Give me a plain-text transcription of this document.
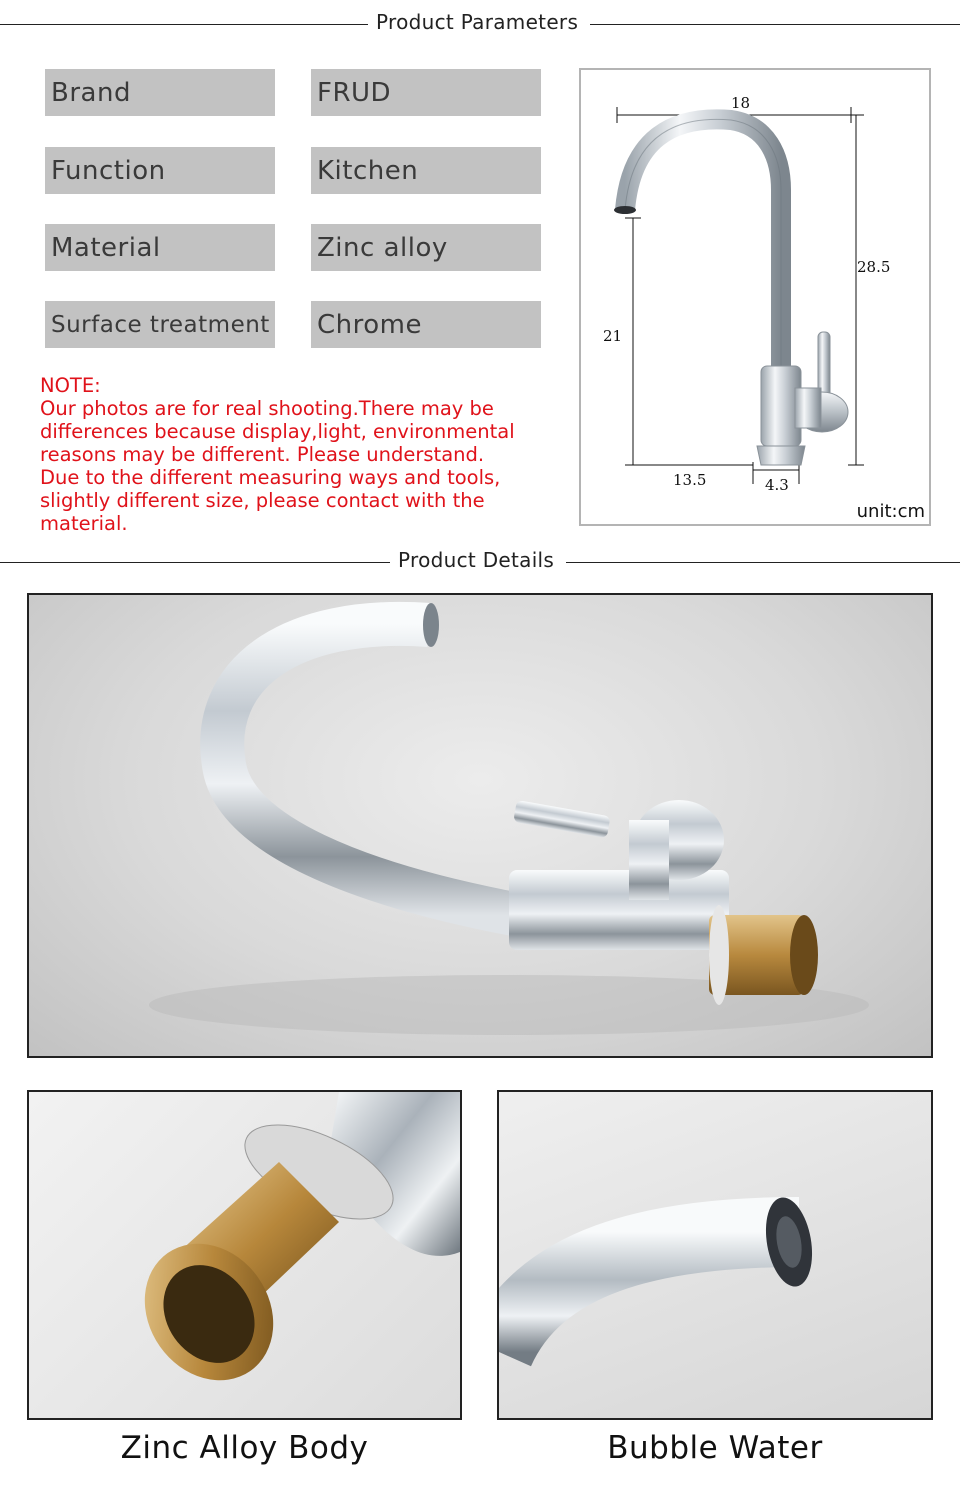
Product Parameters
Brand	FRUD
Function	Kitchen
Material	Zinc alloy
Surface treatment Chrome
NOTE:
Our photos are for real shooting.There may be
differences because display,light, environmental
reasons may be different. Please understand.
Due to the different measuring ways and tools,
slightly different size, please contact with the
material.
18
28.5
21
13.5	4.3
unit:cm
Product Details
Zinc Alloy Body	Bubble Water
